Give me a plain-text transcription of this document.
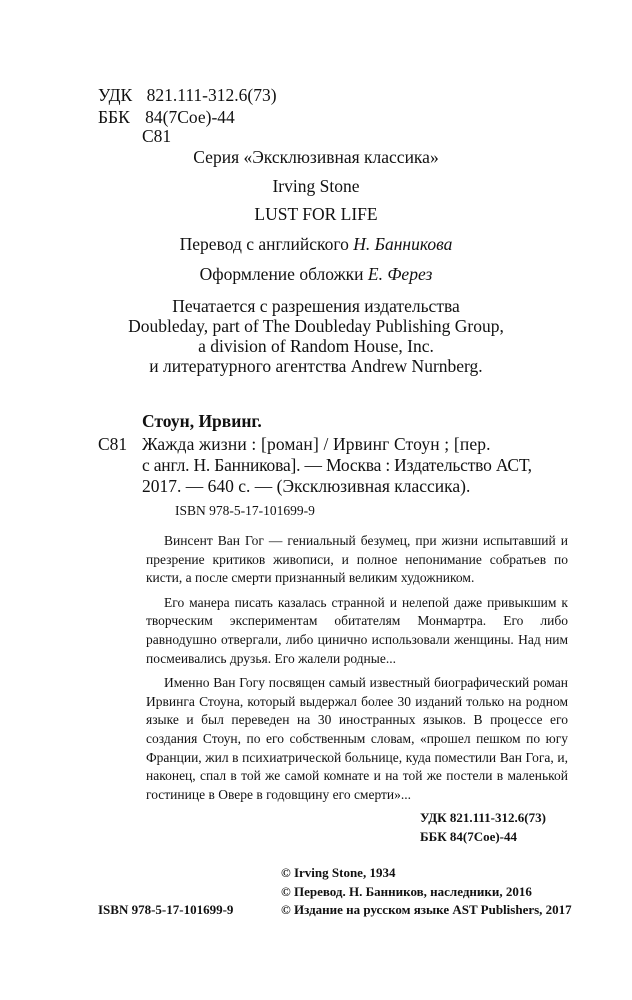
УДК 821.111-312.6(73)
ББК 84(7Сое)-44
С81
Серия «Эксклюзивная классика»
Irving Stone
LUST FOR LIFE
Перевод с английского Н. Банникова
Оформление обложки Е. Ферез
Печатается с разрешения издательства
Doubleday, part of The Doubleday Publishing Group,
a division of Random House, Inc.
и литературного агентства Andrew Nurnberg.
Стоун, Ирвинг.
С81 Жажда жизни : [роман] / Ирвинг Стоун ; [пер.
с англ. Н. Банникова]. — Москва : Издательство АСТ,
2017. — 640 с. — (Эксклюзивная классика).
ISBN 978-5-17-101699-9

Винсент Ван Гог — гениальный безумец, при жизни испытавший и презрение критиков живописи, и полное непонимание собратьев по кисти, а после смерти признанный великим художником.

Его манера писать казалась странной и нелепой даже привыкшим к творческим экспериментам обитателям Монмартра. Его либо равнодушно отвергали, либо цинично использовали женщины. Над ним посмеивались друзья. Его жалели родные...

Именно Ван Гогу посвящен самый известный биографический роман Ирвинга Стоуна, который выдержал более 30 изданий только на родном языке и был переведен на 30 иностранных языков. В процессе его создания Стоун, по его собственным словам, «прошел пешком по югу Франции, жил в психиатрической больнице, куда поместили Ван Гога, и, наконец, спал в той же самой комнате и на той же постели в маленькой гостинице в Овере в годовщину его смерти»...

УДК 821.111-312.6(73)
ББК 84(7Сое)-44
© Irving Stone, 1934
© Перевод. Н. Банников, наследники, 2016
ISBN 978-5-17-101699-9	© Издание на русском языке AST Publishers, 2017
